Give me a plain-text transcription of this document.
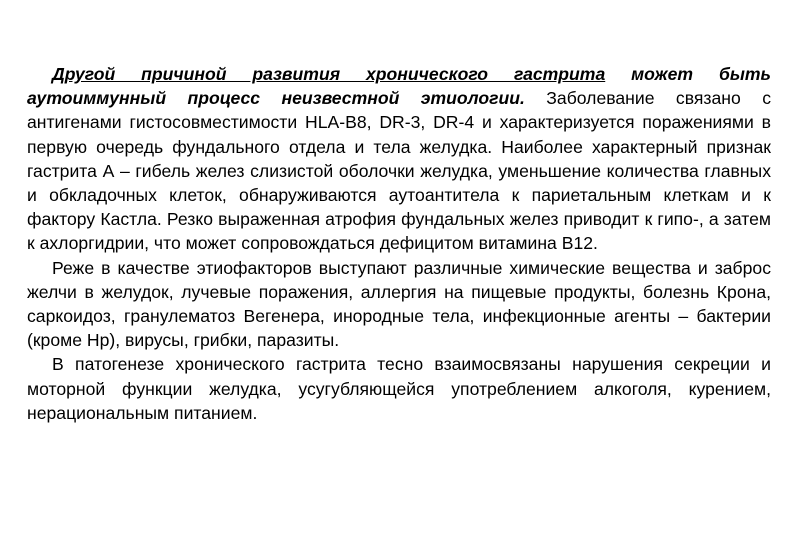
Другой причиной развития хронического гастрита может быть аутоиммунный процесс неизвестной этиологии. Заболевание связано с антигенами гистосовместимости HLA-B8, DR-3, DR-4 и характеризуется поражениями в первую очередь фундального отдела и тела желудка. Наиболее характерный признак гастрита А – гибель желез слизистой оболочки желудка, уменьшение количества главных и обкладочных клеток, обнаруживаются аутоантитела к париетальным клеткам и к фактору Кастла. Резко выраженная атрофия фундальных желез приводит к гипо-, а затем к ахлоргидрии, что может сопровождаться дефицитом витамина B12.

Реже в качестве этиофакторов выступают различные химические вещества и заброс желчи в желудок, лучевые поражения, аллергия на пищевые продукты, болезнь Крона, саркоидоз, гранулематоз Вегенера, инородные тела, инфекционные агенты – бактерии (кроме Hp), вирусы, грибки, паразиты.

В патогенезе хронического гастрита тесно взаимосвязаны нарушения секреции и моторной функции желудка, усугубляющейся употреблением алкоголя, курением, нерациональным питанием.
